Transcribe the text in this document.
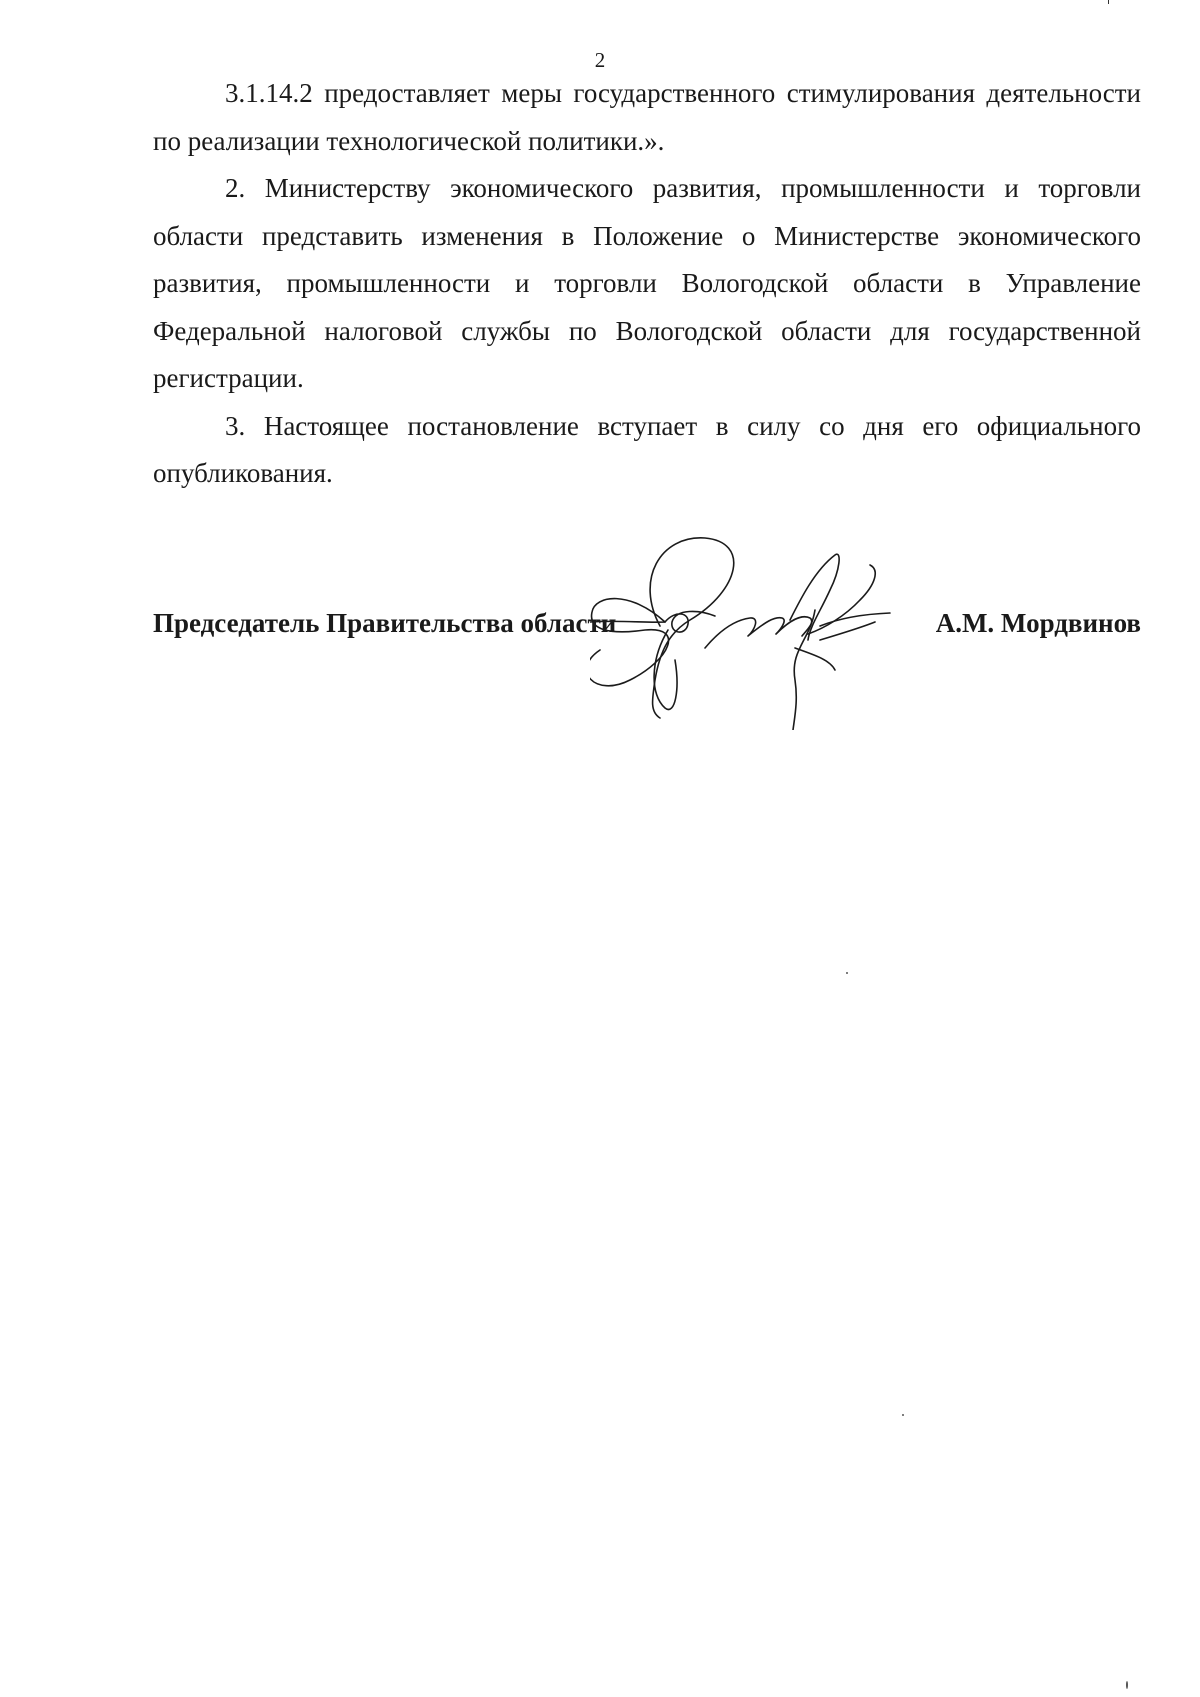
2

3.1.14.2 предоставляет меры государственного стимулирования деятельности по реализации технологической политики.».

2. Министерству экономического развития, промышленности и торговли области представить изменения в Положение о Министерстве экономического развития, промышленности и торговли Вологодской области в Управление Федеральной налоговой службы по Вологодской области для государственной регистрации.

3. Настоящее постановление вступает в силу со дня его официального опубликования.

Председатель Правительства области	А.М. Мордвинов
